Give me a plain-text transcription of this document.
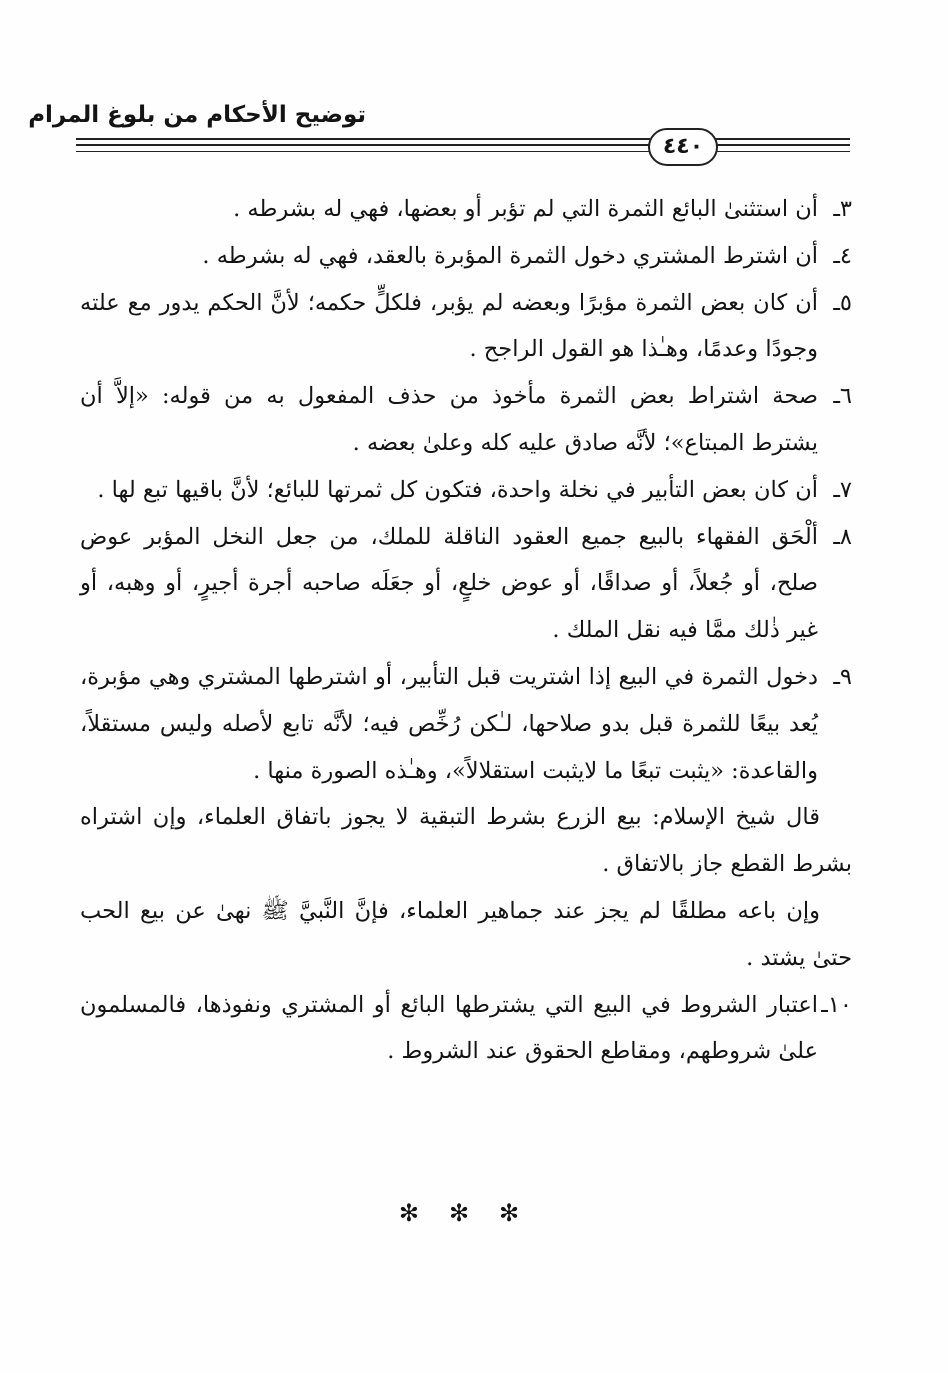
توضيح الأحكام من بلوغ المرام
٤٤٠
٣ـ
أن استثنىٰ البائع الثمرة التي لم تؤبر أو بعضها، فهي له بشرطه .
٤ـ
أن اشترط المشتري دخول الثمرة المؤبرة بالعقد، فهي له بشرطه .
٥ـ
أن كان بعض الثمرة مؤبرًا وبعضه لم يؤبر، فلكلٍّ حكمه؛ لأنَّ الحكم يدور مع علته وجودًا وعدمًا، وهـٰذا هو القول الراجح .
٦ـ
صحة اشتراط بعض الثمرة مأخوذ من حذف المفعول به من قوله: «إلاَّ أن يشترط المبتاع»؛ لأنَّه صادق عليه كله وعلىٰ بعضه .
٧ـ
أن كان بعض التأبير في نخلة واحدة، فتكون كل ثمرتها للبائع؛ لأنَّ باقيها تبع لها .
٨ـ
ألْحَق الفقهاء بالبيع جميع العقود الناقلة للملك، من جعل النخل المؤبر عوض صلح، أو جُعلاً، أو صداقًا، أو عوض خلعٍ، أو جعَلَه صاحبه أجرة أجيرٍ، أو وهبه، أو غير ذٰلك ممَّا فيه نقل الملك .
٩ـ
دخول الثمرة في البيع إذا اشتريت قبل التأبير، أو اشترطها المشتري وهي مؤبرة، يُعد بيعًا للثمرة قبل بدو صلاحها، لـٰكن رُخِّص فيه؛ لأنَّه تابع لأصله وليس مستقلاً، والقاعدة: «يثبت تبعًا ما لايثبت استقلالاً»، وهـٰذه الصورة منها .
قال شيخ الإسلام: بيع الزرع بشرط التبقية لا يجوز باتفاق العلماء، وإن اشتراه بشرط القطع جاز بالاتفاق .
وإن باعه مطلقًا لم يجز عند جماهير العلماء، فإنَّ النَّبيَّ ﷺ نهىٰ عن بيع الحب حتىٰ يشتد .
١٠ـ
اعتبار الشروط في البيع التي يشترطها البائع أو المشتري ونفوذها، فالمسلمون علىٰ شروطهم، ومقاطع الحقوق عند الشروط .
✻✻✻
